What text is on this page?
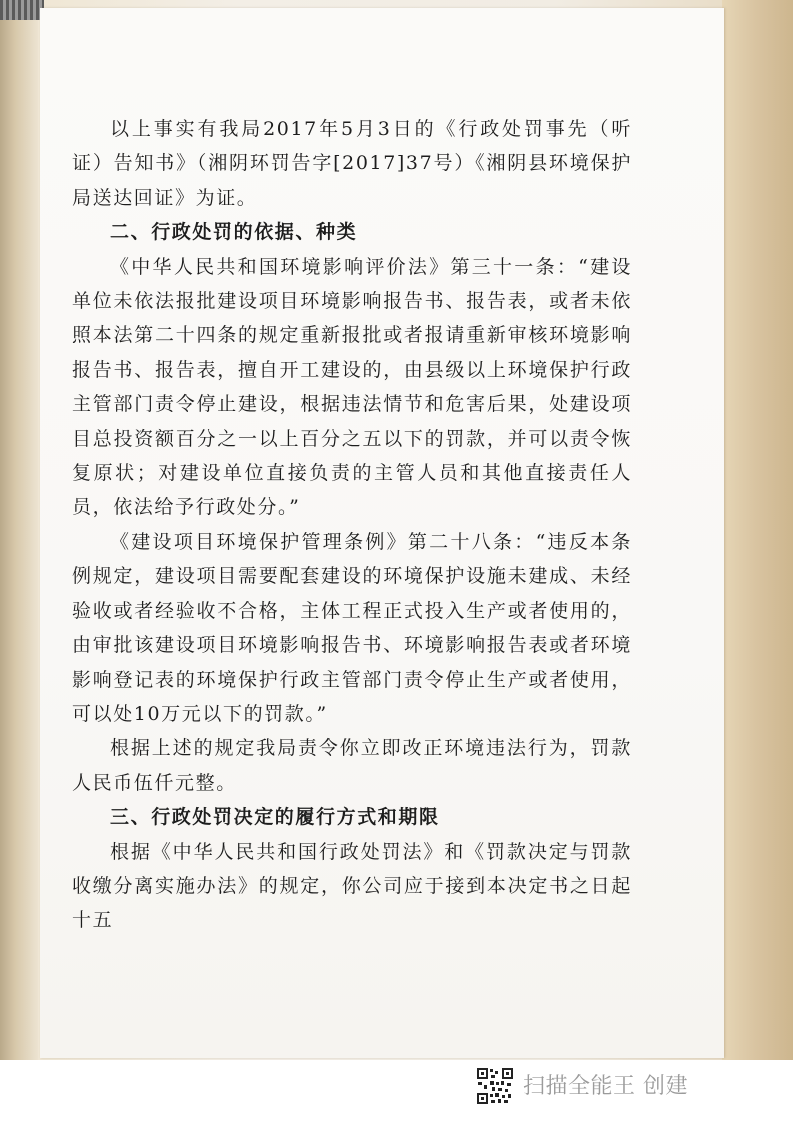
以上事实有我局2017年5月3日的《行政处罚事先（听证）告知书》（湘阴环罚告字[2017]37号）《湘阴县环境保护局送达回证》为证。

二、行政处罚的依据、种类

《中华人民共和国环境影响评价法》第三十一条：“建设单位未依法报批建设项目环境影响报告书、报告表，或者未依照本法第二十四条的规定重新报批或者报请重新审核环境影响报告书、报告表，擅自开工建设的，由县级以上环境保护行政主管部门责令停止建设，根据违法情节和危害后果，处建设项目总投资额百分之一以上百分之五以下的罚款，并可以责令恢复原状；对建设单位直接负责的主管人员和其他直接责任人员，依法给予行政处分。”

《建设项目环境保护管理条例》第二十八条：“违反本条例规定，建设项目需要配套建设的环境保护设施未建成、未经验收或者经验收不合格，主体工程正式投入生产或者使用的，由审批该建设项目环境影响报告书、环境影响报告表或者环境影响登记表的环境保护行政主管部门责令停止生产或者使用，可以处10万元以下的罚款。”

根据上述的规定我局责令你立即改正环境违法行为，罚款人民币伍仟元整。

三、行政处罚决定的履行方式和期限

根据《中华人民共和国行政处罚法》和《罚款决定与罚款收缴分离实施办法》的规定，你公司应于接到本决定书之日起十五

扫描全能王 创建
